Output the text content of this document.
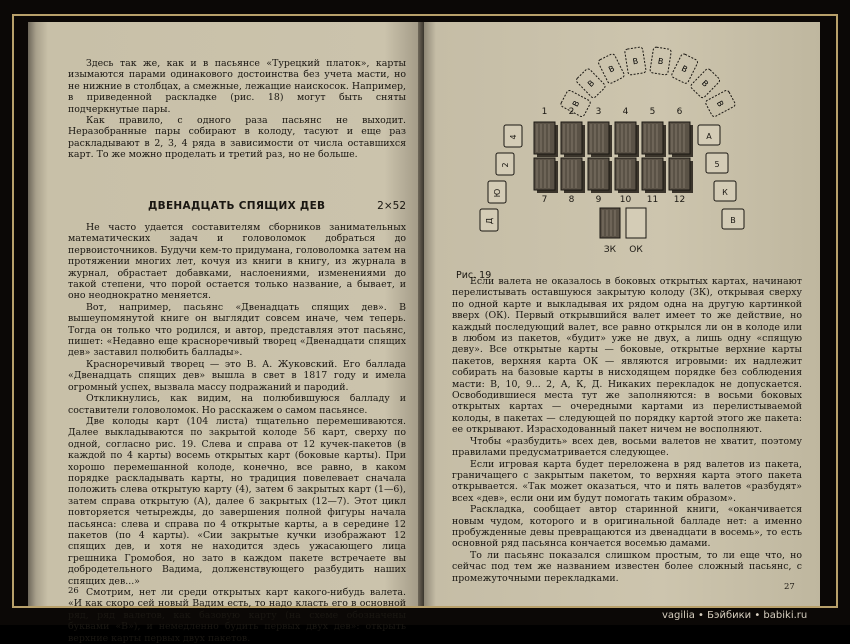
Здесь так же, как и в пасьянсе «Турецкий платок», карты изымаются парами одинакового достоинства без учета масти, но не нижние в столбцах, а смежные, лежащие наискосок. Например, в приведенной раскладке (рис. 18) могут быть сняты подчеркнутые пары.

Как правило, с одного раза пасьянс не выходит. Неразобранные пары собирают в колоду, тасуют и еще раз раскладывают в 2, 3, 4 ряда в зависимости от числа оставшихся карт. То же можно проделать и третий раз, но не больше.

ДВЕНАДЦАТЬ СПЯЩИХ ДЕВ	2×52

Не часто удается составителям сборников занимательных математических задач и головоломок добраться до первоисточников. Будучи кем-то придумана, головоломка затем на протяжении многих лет, кочуя из книги в книгу, из журнала в журнал, обрастает добавками, наслоениями, изменениями до такой степени, что порой остается только название, а бывает, и оно неоднократно меняется.

Вот, например, пасьянс «Двенадцать спящих дев». В вышеупомянутой книге он выглядит совсем иначе, чем теперь. Тогда он только что родился, и автор, представляя этот пасьянс, пишет: «Недавно еще красноречивый творец «Двенадцати спящих дев» заставил полюбить баллады».

Красноречивый творец — это В. А. Жуковский. Его баллада «Двенадцать спящих дев» вышла в свет в 1817 году и имела огромный успех, вызвала массу подражаний и пародий.

Откликнулись, как видим, на полюбившуюся балладу и составители головоломок. Но расскажем о самом пасьянсе.

Две колоды карт (104 листа) тщательно перемешиваются. Далее выкладываются по закрытой колоде 56 карт, сверху по одной, согласно рис. 19. Слева и справа от 12 кучек-пакетов (в каждой по 4 карты) восемь открытых карт (боковые карты). При хорошо перемешанной колоде, конечно, все равно, в каком порядке раскладывать карты, но традиция повелевает сначала положить слева открытую карту (4), затем 6 закрытых карт (1—6), затем справа открытую (А), далее 6 закрытых (12—7). Этот цикл повторяется четырежды, до завершения полной фигуры начала пасьянса: слева и справа по 4 открытые карты, а в середине 12 пакетов (по 4 карты). «Сии закрытые кучки изображают 12 спящих дев, и хотя не находится здесь ужасающего лица грешника Громобоя, но зато в каждом пакете встречаете вы добродетельного Вадима, долженствующего разбудить наших спящих дев...»

Смотрим, нет ли среди открытых карт какого-нибудь валета. «И как скоро сей новый Вадим есть, то надо класть его в основной ряд, ряд валетов, как базовую карту (на схеме обозначены буквами «В»), и немедленно будить первых двух дев»: открыть верхние карты первых двух пакетов.

26
В
В
В
В В
В
В
В
1 2 3 4 5 6
7 8 9 10 11 12
4
2
Ю
Д
А
5
К
В
ЗК ОК
Рис. 19

Если валета не оказалось в боковых открытых картах, начинают перелистывать оставшуюся закрытую колоду (ЗК), открывая сверху по одной карте и выкладывая их рядом одна на другую картинкой вверх (ОК). Первый открывшийся валет имеет то же действие, но каждый последующий валет, все равно открылся ли он в колоде или в любом из пакетов, «будит» уже не двух, а лишь одну «спящую деву». Все открытые карты — боковые, открытые верхние карты пакетов, верхняя карта ОК — являются игровыми: их надлежит собирать на базовые карты в нисходящем порядке без соблюдения масти: В, 10, 9... 2, А, К, Д. Никаких перекладок не допускается. Освободившиеся места тут же заполняются: в восьми боковых открытых картах — очередными картами из перелистываемой колоды, в пакетах — следующей по порядку картой этого же пакета: ее открывают. Израсходованный пакет ничем не восполняют.

Чтобы «разбудить» всех дев, восьми валетов не хватит, поэтому правилами предусматривается следующее.

Если игровая карта будет переложена в ряд валетов из пакета, граничащего с закрытым пакетом, то верхняя карта этого пакета открывается. «Так может оказаться, что и пять валетов «разбудят» всех «дев», если они им будут помогать таким образом».

Раскладка, сообщает автор старинной книги, «оканчивается новым чудом, которого и в оригинальной балладе нет: а именно пробужденные девы превращаются из двенадцати в восемь», то есть основной ряд пасьянса кончается восемью дамами.

То ли пасьянс показался слишком простым, то ли еще что, но сейчас под тем же названием известен более сложный пасьянс, с промежуточными перекладками.

27
vagilia • Бэйбики • babiki.ru
